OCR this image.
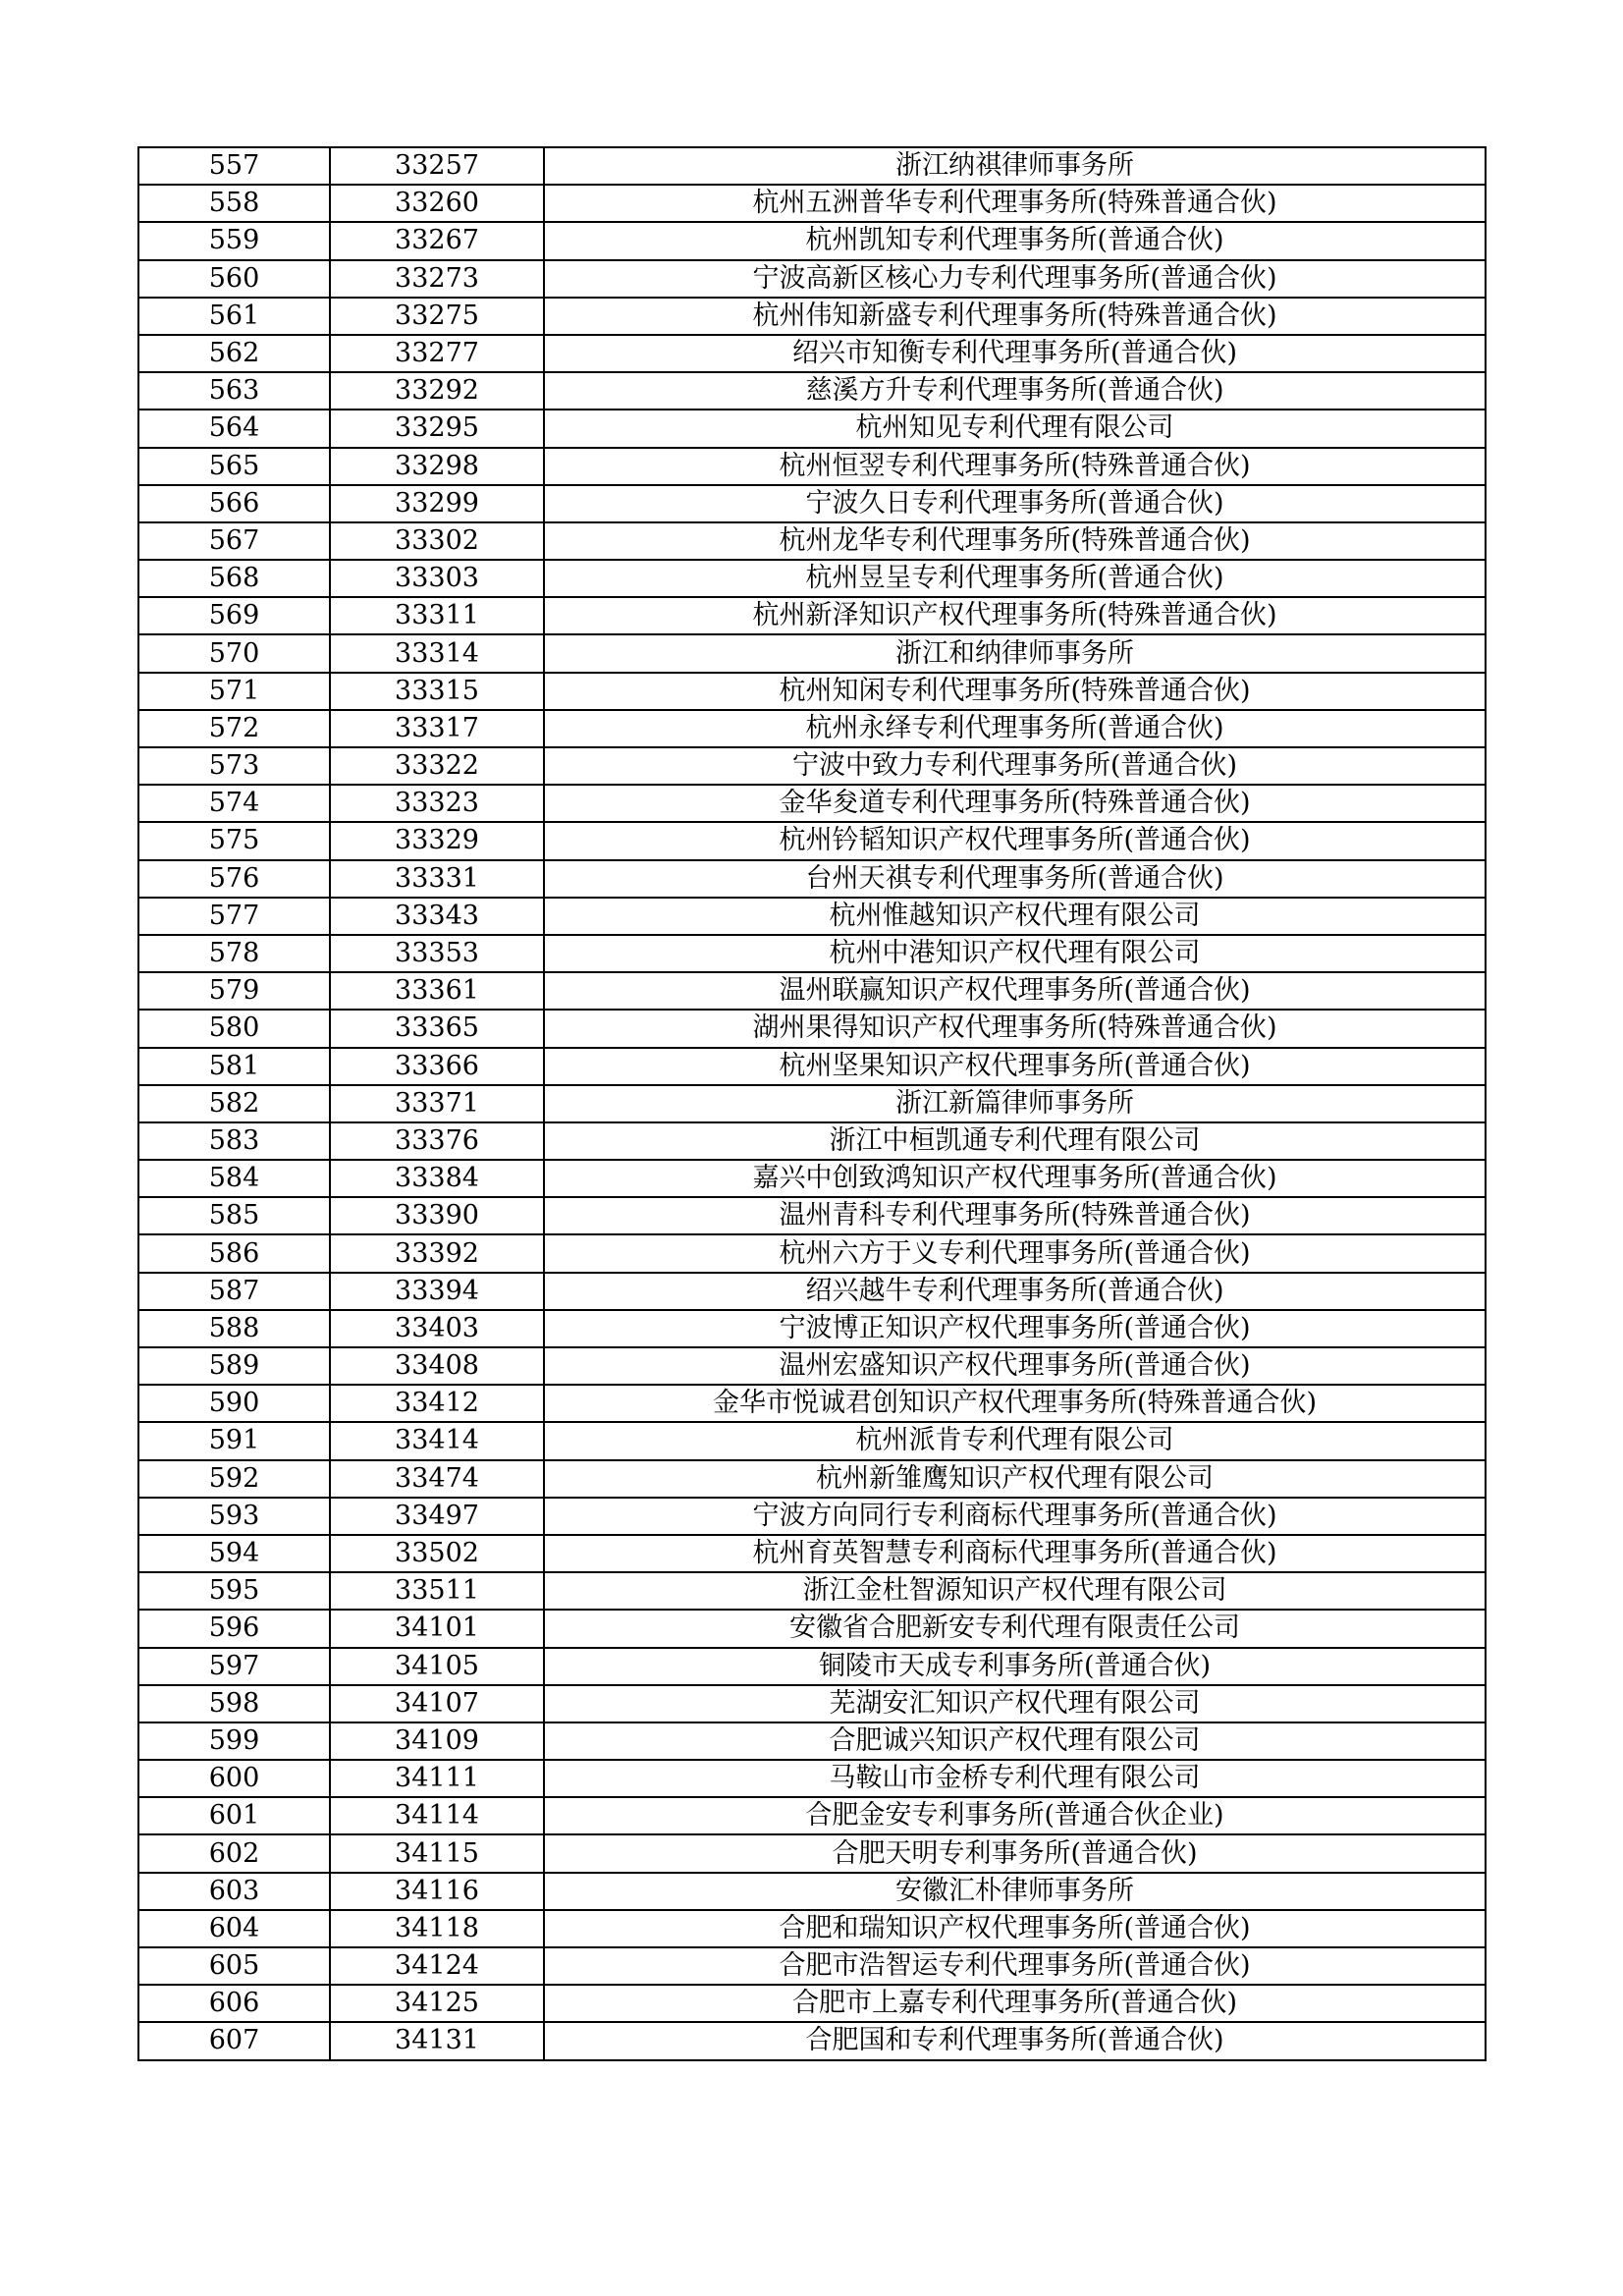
557	33257	浙江纳祺律师事务所
558	33260	杭州五洲普华专利代理事务所(特殊普通合伙)
559	33267	杭州凯知专利代理事务所(普通合伙)
560	33273	宁波高新区核心力专利代理事务所(普通合伙)
561	33275	杭州伟知新盛专利代理事务所(特殊普通合伙)
562	33277	绍兴市知衡专利代理事务所(普通合伙)
563	33292	慈溪方升专利代理事务所(普通合伙)
564	33295	杭州知见专利代理有限公司
565	33298	杭州恒翌专利代理事务所(特殊普通合伙)
566	33299	宁波久日专利代理事务所(普通合伙)
567	33302	杭州龙华专利代理事务所(特殊普通合伙)
568	33303	杭州昱呈专利代理事务所(普通合伙)
569	33311	杭州新泽知识产权代理事务所(特殊普通合伙)
570	33314	浙江和纳律师事务所
571	33315	杭州知闲专利代理事务所(特殊普通合伙)
572	33317	杭州永绎专利代理事务所(普通合伙)
573	33322	宁波中致力专利代理事务所(普通合伙)
574	33323	金华夋道专利代理事务所(特殊普通合伙)
575	33329	杭州钤韬知识产权代理事务所(普通合伙)
576	33331	台州天祺专利代理事务所(普通合伙)
577	33343	杭州惟越知识产权代理有限公司
578	33353	杭州中港知识产权代理有限公司
579	33361	温州联赢知识产权代理事务所(普通合伙)
580	33365	湖州果得知识产权代理事务所(特殊普通合伙)
581	33366	杭州坚果知识产权代理事务所(普通合伙)
582	33371	浙江新篇律师事务所
583	33376	浙江中桓凯通专利代理有限公司
584	33384	嘉兴中创致鸿知识产权代理事务所(普通合伙)
585	33390	温州青科专利代理事务所(特殊普通合伙)
586	33392	杭州六方于义专利代理事务所(普通合伙)
587	33394	绍兴越牛专利代理事务所(普通合伙)
588	33403	宁波博正知识产权代理事务所(普通合伙)
589	33408	温州宏盛知识产权代理事务所(普通合伙)
590	33412	金华市悦诚君创知识产权代理事务所(特殊普通合伙)
591	33414	杭州派肯专利代理有限公司
592	33474	杭州新雏鹰知识产权代理有限公司
593	33497	宁波方向同行专利商标代理事务所(普通合伙)
594	33502	杭州育英智慧专利商标代理事务所(普通合伙)
595	33511	浙江金杜智源知识产权代理有限公司
596	34101	安徽省合肥新安专利代理有限责任公司
597	34105	铜陵市天成专利事务所(普通合伙)
598	34107	芜湖安汇知识产权代理有限公司
599	34109	合肥诚兴知识产权代理有限公司
600	34111	马鞍山市金桥专利代理有限公司
601	34114	合肥金安专利事务所(普通合伙企业)
602	34115	合肥天明专利事务所(普通合伙)
603	34116	安徽汇朴律师事务所
604	34118	合肥和瑞知识产权代理事务所(普通合伙)
605	34124	合肥市浩智运专利代理事务所(普通合伙)
606	34125	合肥市上嘉专利代理事务所(普通合伙)
607	34131	合肥国和专利代理事务所(普通合伙)
